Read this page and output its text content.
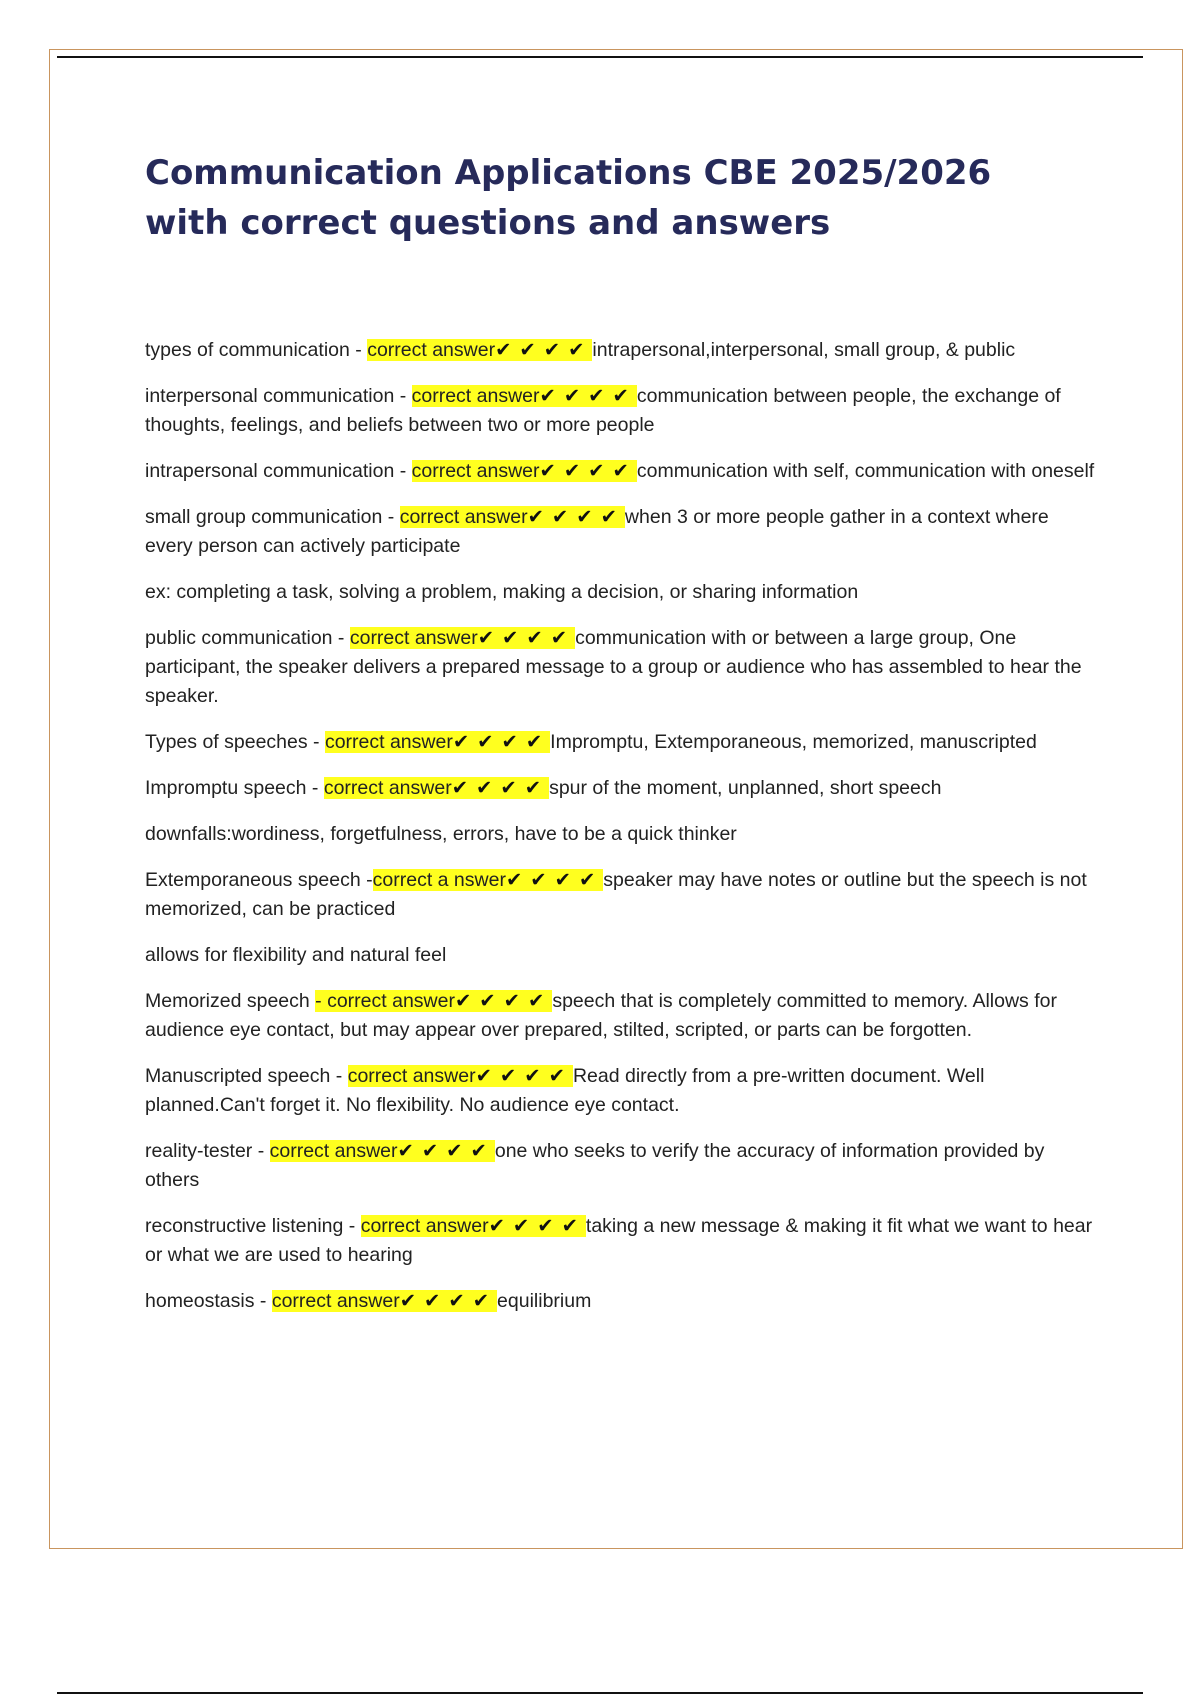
Communication Applications CBE 2025/2026 with correct questions and answers

types of communication - correct answer✔✔✔✔intrapersonal,interpersonal, small group, & public

interpersonal communication - correct answer✔✔✔✔communication between people, the exchange of thoughts, feelings, and beliefs between two or more people

intrapersonal communication - correct answer✔✔✔✔communication with self, communication with oneself

small group communication - correct answer✔✔✔✔when 3 or more people gather in a context where every person can actively participate

ex: completing a task, solving a problem, making a decision, or sharing information

public communication - correct answer✔✔✔✔communication with or between a large group, One participant, the speaker delivers a prepared message to a group or audience who has assembled to hear the speaker.

Types of speeches - correct answer✔✔✔✔Impromptu, Extemporaneous, memorized, manuscripted

Impromptu speech - correct answer✔✔✔✔spur of the moment, unplanned, short speech

downfalls:wordiness, forgetfulness, errors, have to be a quick thinker

Extemporaneous speech -correct a nswer✔✔✔✔speaker may have notes or outline but the speech is not memorized, can be practiced

allows for flexibility and natural feel

Memorized speech - correct answer✔✔✔✔speech that is completely committed to memory. Allows for audience eye contact, but may appear over prepared, stilted, scripted, or parts can be forgotten.

Manuscripted speech - correct answer✔✔✔✔Read directly from a pre-written document. Well planned.Can't forget it. No flexibility. No audience eye contact.

reality-tester - correct answer✔✔✔✔one who seeks to verify the accuracy of information provided by others

reconstructive listening - correct answer✔✔✔✔taking a new message & making it fit what we want to hear or what we are used to hearing

homeostasis - correct answer✔✔✔✔equilibrium
